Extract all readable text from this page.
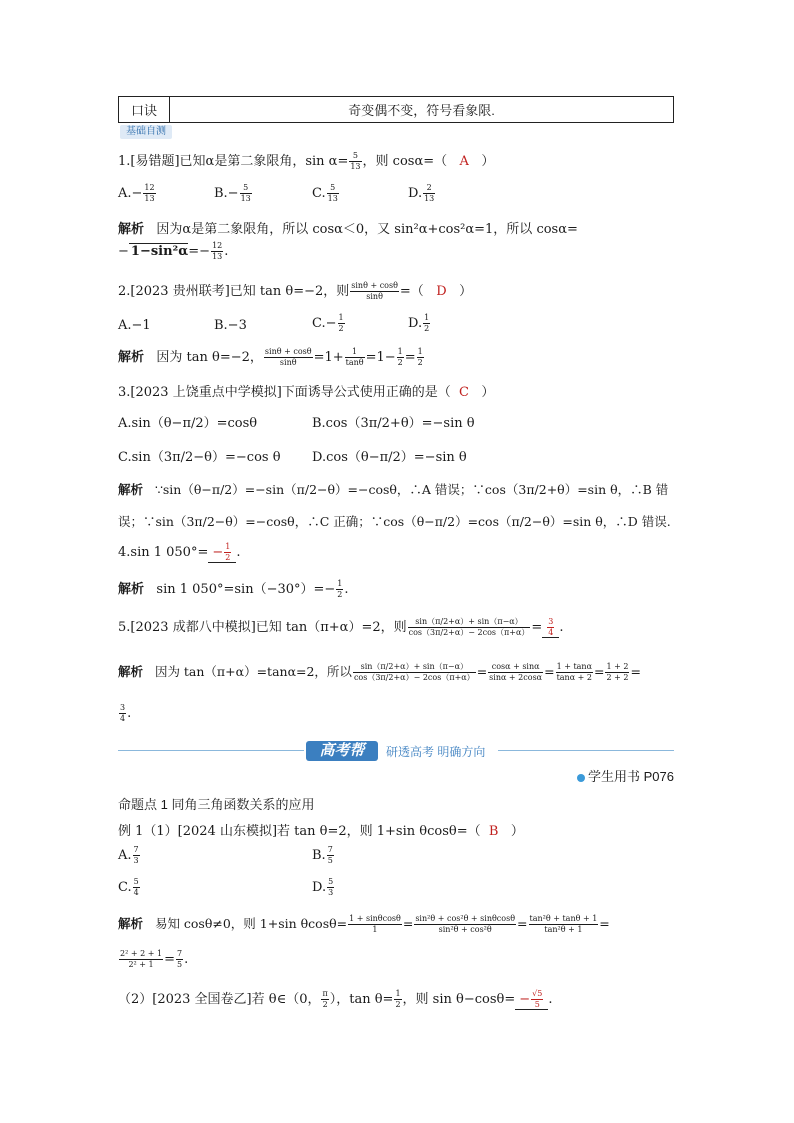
口诀	奇变偶不变，符号看象限.
基础自测
1.[易错题]已知α是第二象限角，$\sin \alpha= \frac{5}{13}$ ，则 cosα=（ A ）
$A.- \frac{12}{13}$	$B.- \frac{5}{13}$	C. $\frac{5}{13}$	D. $\frac{2}{13}$
解析 因为α是第二象限角，所以 cosα＜0，又 sin²α+cos²α=1，所以 cosα=
− $1-\sin^2\alpha=- \frac{12}{13}$ .
2.[2023 贵州联考]已知 tan θ=−2，则 $\frac{\sin\theta + \cos\theta}{\sin\theta}$ =（ D ）
A.−1	B.−3	$C.- \frac{1}{2}$	D. $\frac{1}{2}$
解析 因为 tan θ=−2， $\frac{\sin\theta + \cos\theta}{\sin\theta} =1+ \frac{1}{\tan\theta} =1- \frac{1}{2} = \frac{1}{2}$
3.[2023 上饶重点中学模拟]下面诱导公式使用正确的是（ C ）
A.sin（θ−π/2）=cosθ	B.cos（3π/2+θ）=−sin θ
C.sin（3π/2−θ）=−cos θ D.cos（θ−π/2）=−sin θ
解析 ∵sin（θ−π/2）=−sin（π/2−θ）=−cosθ，∴A 错误；∵cos（3π/2+θ）=sin θ，∴B 错
误；∵sin（3π/2−θ）=−cosθ，∴C 正确；∵cos（θ−π/2）=cos（π/2−θ）=sin θ，∴D 错误.
4.sin 1 $050^\circ= - \frac{1}{2}$ .
解析 sin 1 $050^\circ=\sin(-30^\circ)=- \frac{1}{2}$ .
5.[2023 成都八中模拟]已知 tan（π+α）=2，则 $\frac{\sin(\pi/2+\alpha)+ \sin(\pi-\alpha)}{\cos(3\pi/2+\alpha)- 2\cos(\pi+\alpha)} = \frac{3}{4}$ .
解析 因为 tan（π+α）=tanα=2，所以 $\frac{\sin(\pi/2+\alpha)+ \sin(\pi-\alpha)}{\cos(3\pi/2+\alpha)- 2\cos(\pi+\alpha)} = \frac{\cos\alpha + \sin\alpha}{\sin\alpha + 2\cos\alpha} = \frac{1 + \tan\alpha}{\tan\alpha + 2} = \frac{1 + 2}{2 + 2}$ =
$\frac{3}{4}$ .
高考帮	研透高考 明确方向
学生用书 P076
命题点 1 同角三角函数关系的应用
例 1（1）[2024 山东模拟]若 tan θ=2，则 1+sin θcosθ=（ B ）
A. $\frac{7}{3}$	B. $\frac{7}{5}$
C. $\frac{5}{4}$	D. $\frac{5}{3}$
解析 易知 cosθ≠0，则 1+sin $\theta\cos\theta= \frac{1 + \sin\theta\cos\theta}{1} = \frac{\text{sin²θ + cos²θ + sinθcosθ}}{\text{sin²θ + cos²θ}} = \frac{\text{tan²θ + tanθ + 1}}{\text{tan²θ + 1}}$ =
$\frac{\text{2² + 2 + 1}}{\text{2² + 1}} = \frac{7}{5}$ .
（2）[2023 全国卷乙]若 θ∈（0， $\frac{\pi}{2}$ ），$\tan \theta= \frac{1}{2}$ ，则 $\sin \theta-\cos\theta= - \frac{√5}{5}$ .
